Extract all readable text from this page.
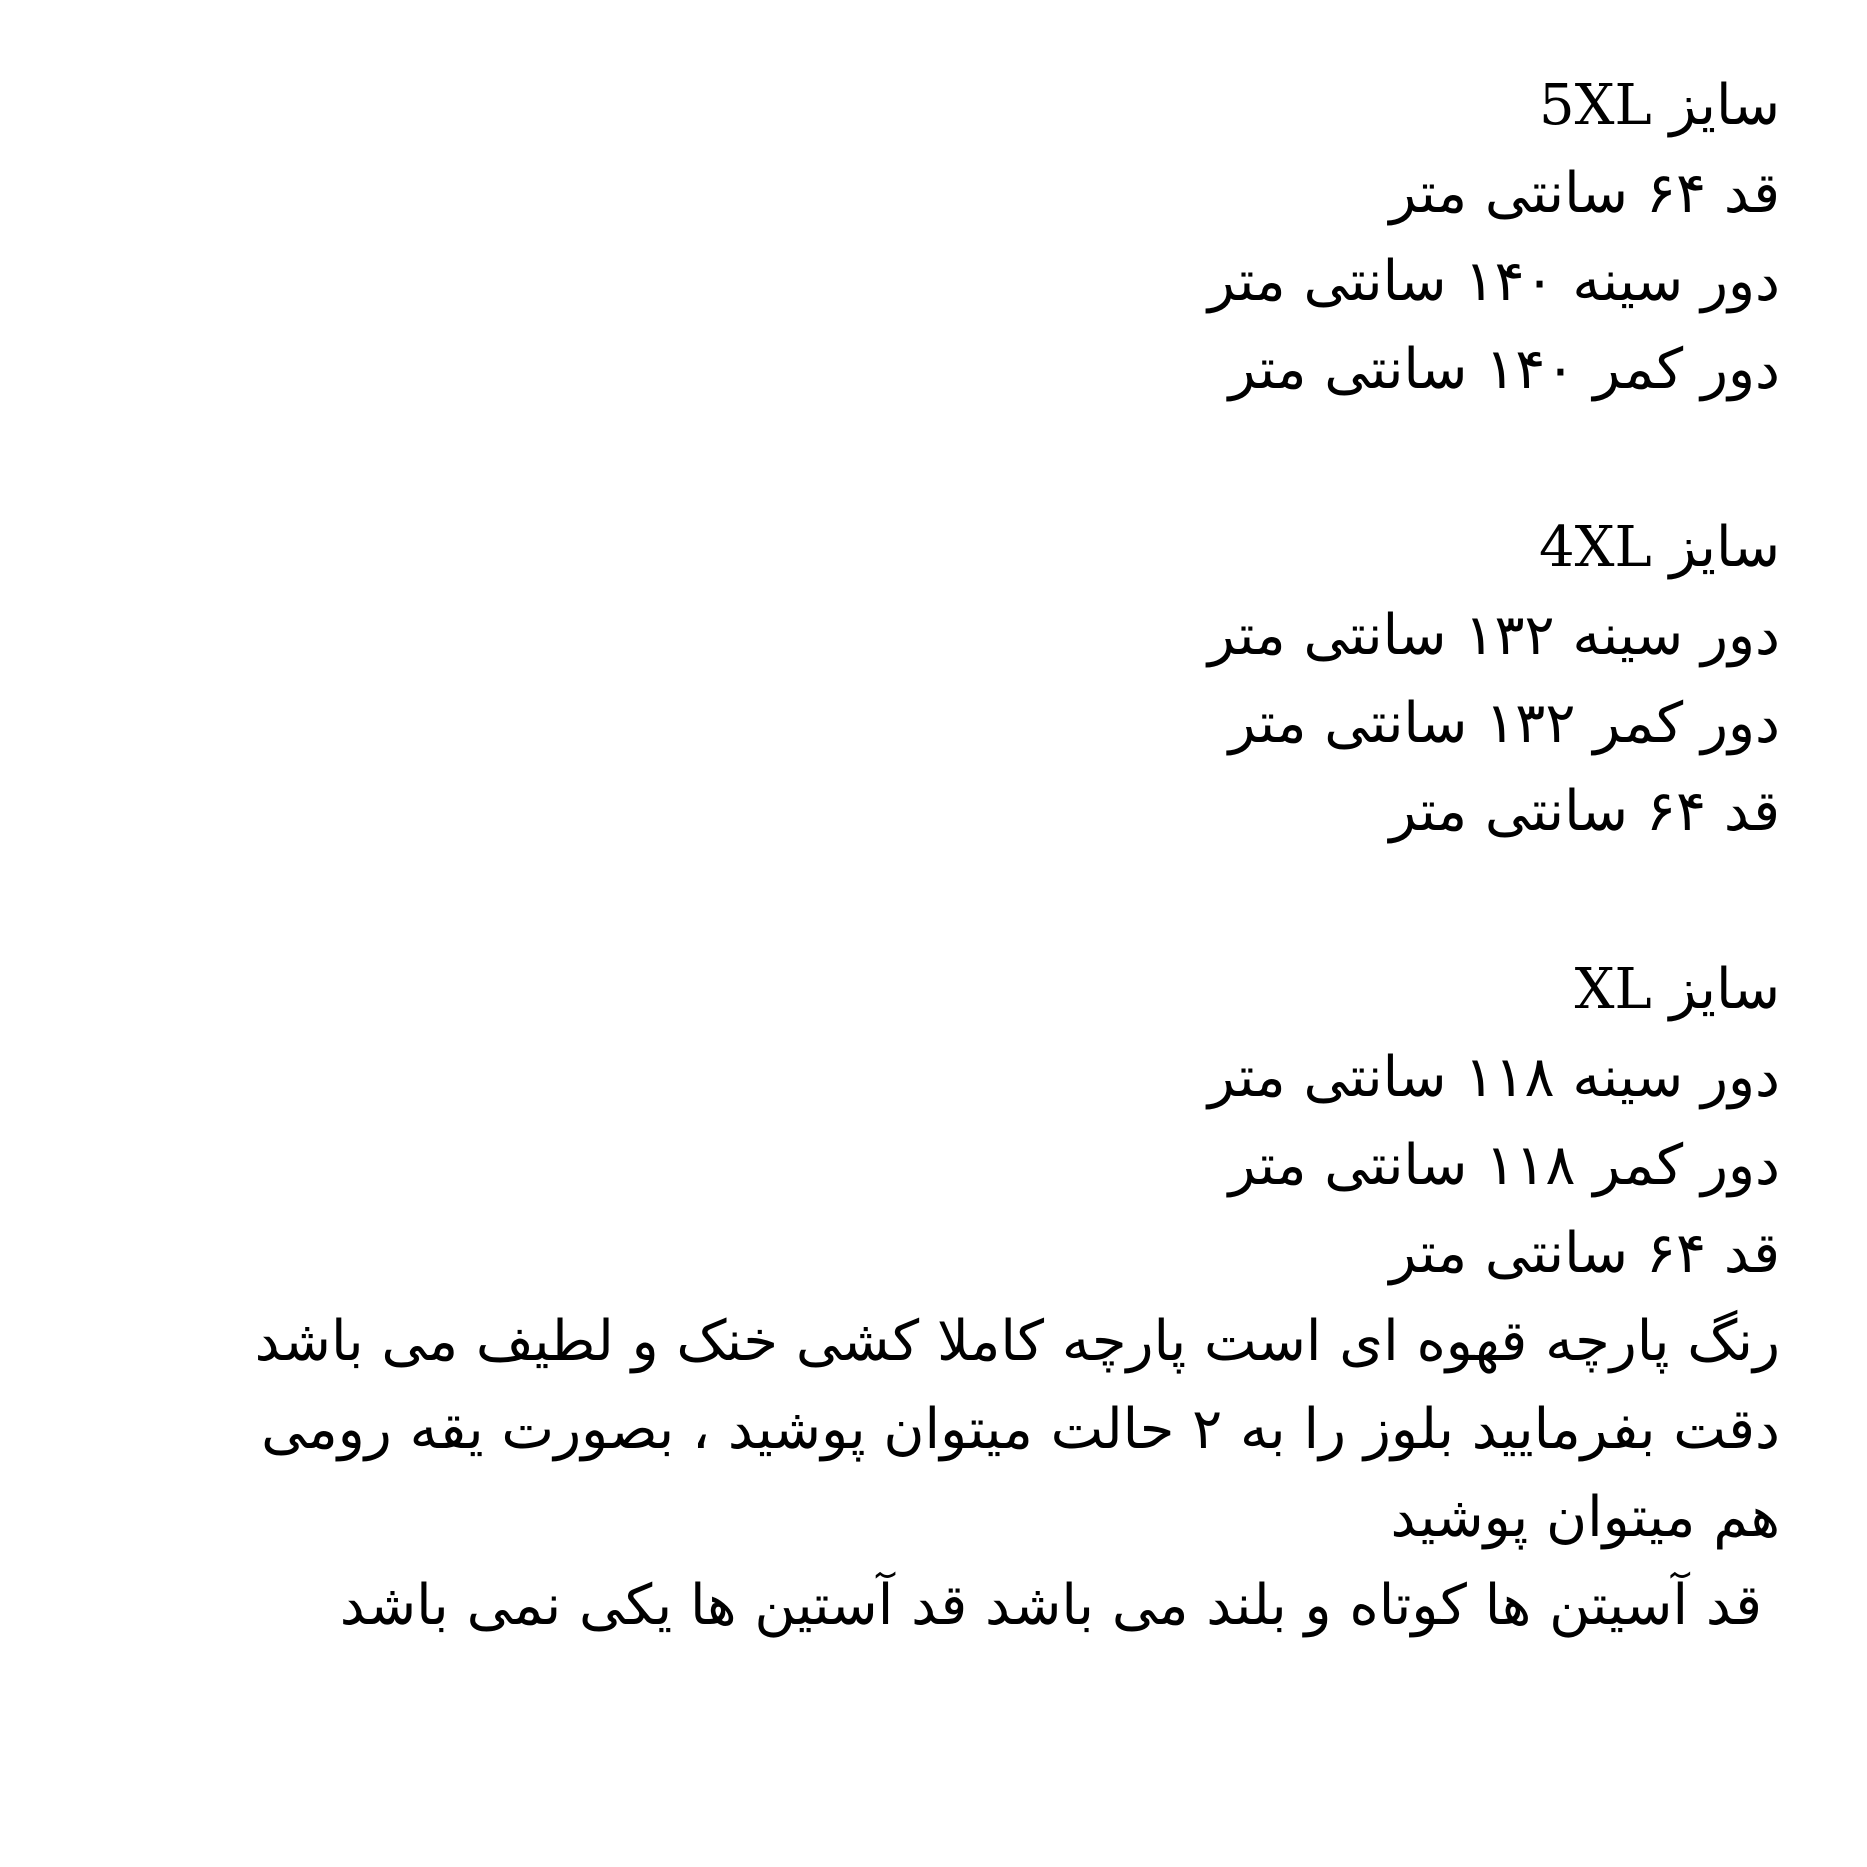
سایز 5XL
قد ۶۴ سانتی متر
دور سینه ۱۴۰ سانتی متر
دور کمر ۱۴۰ سانتی متر
سایز 4XL
دور سینه ۱۳۲ سانتی متر
دور کمر ۱۳۲ سانتی متر
قد ۶۴ سانتی متر
سایز XL
دور سینه ۱۱۸ سانتی متر
دور کمر ۱۱۸ سانتی متر
قد ۶۴ سانتی متر
رنگ پارچه قهوه ای است پارچه کاملا کشی خنک و لطیف می باشد
دقت بفرمایید بلوز را به ۲ حالت میتوان پوشید ، بصورت یقه رومی
هم میتوان پوشید
قد آسیتن ها کوتاه و بلند می باشد قد آستین ها یکی نمی باشد
